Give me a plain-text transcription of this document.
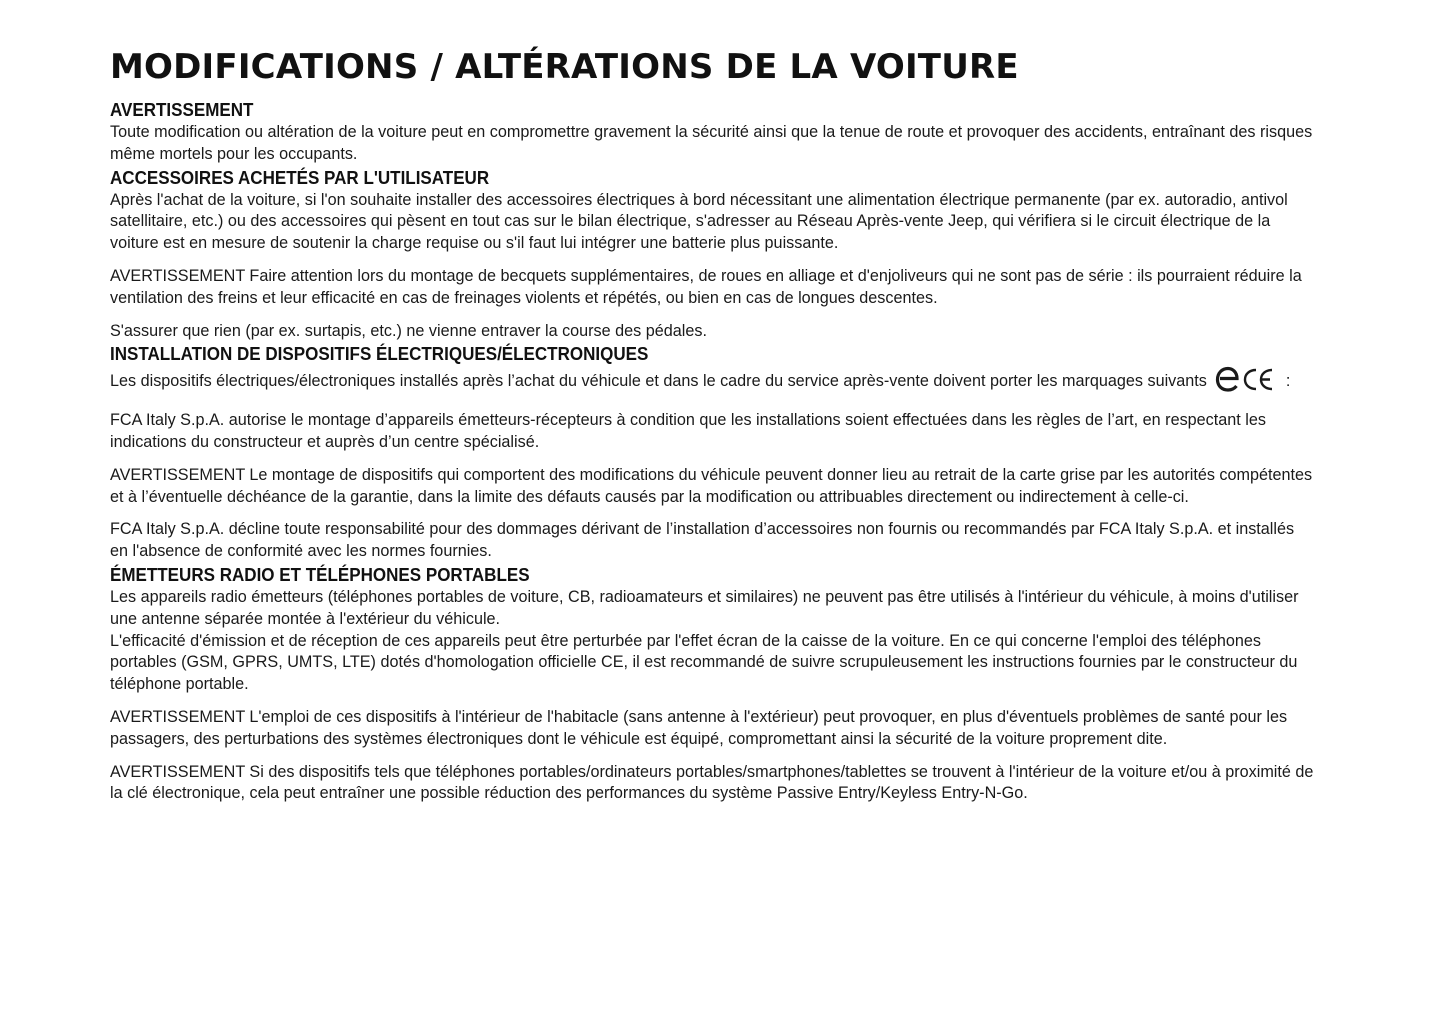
MODIFICATIONS / ALTÉRATIONS DE LA VOITURE
AVERTISSEMENT

Toute modification ou altération de la voiture peut en compromettre gravement la sécurité ainsi que la tenue de route et provoquer des accidents, entraînant des risques même mortels pour les occupants.

ACCESSOIRES ACHETÉS PAR L'UTILISATEUR

Après l'achat de la voiture, si l'on souhaite installer des accessoires électriques à bord nécessitant une alimentation électrique permanente (par ex. autoradio, antivol satellitaire, etc.) ou des accessoires qui pèsent en tout cas sur le bilan électrique, s'adresser au Réseau Après-vente Jeep, qui vérifiera si le circuit électrique de la voiture est en mesure de soutenir la charge requise ou s'il faut lui intégrer une batterie plus puissante.

AVERTISSEMENT Faire attention lors du montage de becquets supplémentaires, de roues en alliage et d'enjoliveurs qui ne sont pas de série : ils pourraient réduire la ventilation des freins et leur efficacité en cas de freinages violents et répétés, ou bien en cas de longues descentes.

S'assurer que rien (par ex. surtapis, etc.) ne vienne entraver la course des pédales.

INSTALLATION DE DISPOSITIFS ÉLECTRIQUES/ÉLECTRONIQUES

Les dispositifs électriques/électroniques installés après l’achat du véhicule et dans le cadre du service après-vente doivent porter les marquages suivants	:

FCA Italy S.p.A. autorise le montage d’appareils émetteurs-récepteurs à condition que les installations soient effectuées dans les règles de l’art, en respectant les indications du constructeur et auprès d’un centre spécialisé.

AVERTISSEMENT Le montage de dispositifs qui comportent des modifications du véhicule peuvent donner lieu au retrait de la carte grise par les autorités compétentes et à l’éventuelle déchéance de la garantie, dans la limite des défauts causés par la modification ou attribuables directement ou indirectement à celle-ci.

FCA Italy S.p.A. décline toute responsabilité pour des dommages dérivant de l’installation d’accessoires non fournis ou recommandés par FCA Italy S.p.A. et installés en l'absence de conformité avec les normes fournies.

ÉMETTEURS RADIO ET TÉLÉPHONES PORTABLES

Les appareils radio émetteurs (téléphones portables de voiture, CB, radioamateurs et similaires) ne peuvent pas être utilisés à l'intérieur du véhicule, à moins d'utiliser une antenne séparée montée à l'extérieur du véhicule.

L'efficacité d'émission et de réception de ces appareils peut être perturbée par l'effet écran de la caisse de la voiture. En ce qui concerne l'emploi des téléphones portables (GSM, GPRS, UMTS, LTE) dotés d'homologation officielle CE, il est recommandé de suivre scrupuleusement les instructions fournies par le constructeur du téléphone portable.

AVERTISSEMENT L'emploi de ces dispositifs à l'intérieur de l'habitacle (sans antenne à l'extérieur) peut provoquer, en plus d'éventuels problèmes de santé pour les passagers, des perturbations des systèmes électroniques dont le véhicule est équipé, compromettant ainsi la sécurité de la voiture proprement dite.

AVERTISSEMENT Si des dispositifs tels que téléphones portables/ordinateurs portables/smartphones/tablettes se trouvent à l'intérieur de la voiture et/ou à proximité de la clé électronique, cela peut entraîner une possible réduction des performances du système Passive Entry/Keyless Entry-N-Go.
